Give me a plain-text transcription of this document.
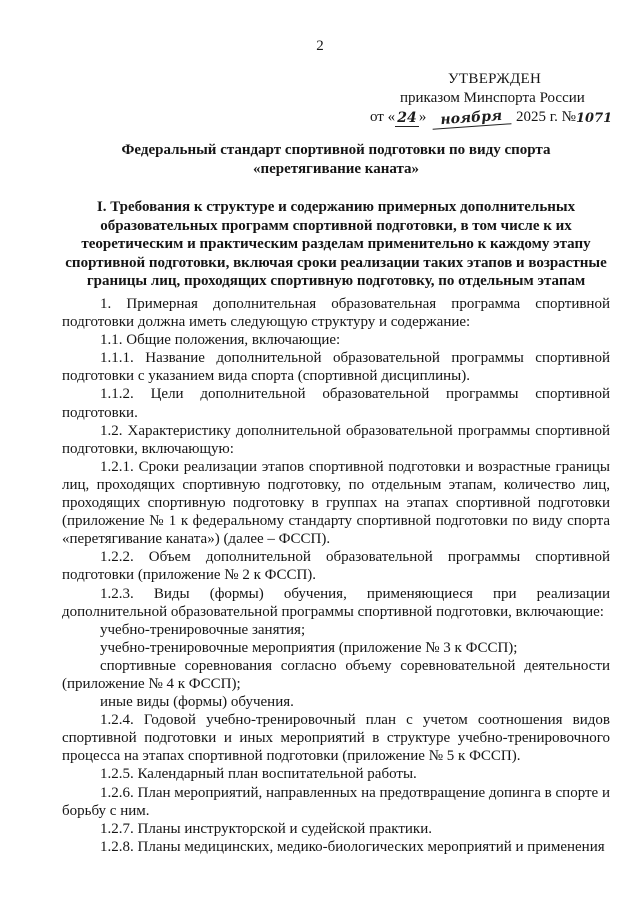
2
УТВЕРЖДЕН
приказом Минспорта России
от « 24 » ноября 2025 г. № 1071
Федеральный стандарт спортивной подготовки по виду спорта
«перетягивание каната»
I. Требования к структуре и содержанию примерных дополнительных образовательных программ спортивной подготовки, в том числе к их теоретическим и практическим разделам применительно к каждому этапу спортивной подготовки, включая сроки реализации таких этапов и возрастные границы лиц, проходящих спортивную подготовку, по отдельным этапам

1. Примерная дополнительная образовательная программа спортивной подготовки должна иметь следующую структуру и содержание:

1.1. Общие положения, включающие:

1.1.1. Название дополнительной образовательной программы спортивной подготовки с указанием вида спорта (спортивной дисциплины).

1.1.2. Цели дополнительной образовательной программы спортивной подготовки.

1.2. Характеристику дополнительной образовательной программы спортивной подготовки, включающую:

1.2.1. Сроки реализации этапов спортивной подготовки и возрастные границы лиц, проходящих спортивную подготовку, по отдельным этапам, количество лиц, проходящих спортивную подготовку в группах на этапах спортивной подготовки (приложение № 1 к федеральному стандарту спортивной подготовки по виду спорта «перетягивание каната») (далее – ФССП).

1.2.2. Объем дополнительной образовательной программы спортивной подготовки (приложение № 2 к ФССП).

1.2.3. Виды (формы) обучения, применяющиеся при реализации дополнительной образовательной программы спортивной подготовки, включающие:

учебно-тренировочные занятия;

учебно-тренировочные мероприятия (приложение № 3 к ФССП);

спортивные соревнования согласно объему соревновательной деятельности (приложение № 4 к ФССП);

иные виды (формы) обучения.

1.2.4. Годовой учебно-тренировочный план с учетом соотношения видов спортивной подготовки и иных мероприятий в структуре учебно-тренировочного процесса на этапах спортивной подготовки (приложение № 5 к ФССП).

1.2.5. Календарный план воспитательной работы.

1.2.6. План мероприятий, направленных на предотвращение допинга в спорте и борьбу с ним.

1.2.7. Планы инструкторской и судейской практики.

1.2.8. Планы медицинских, медико-биологических мероприятий и применения
